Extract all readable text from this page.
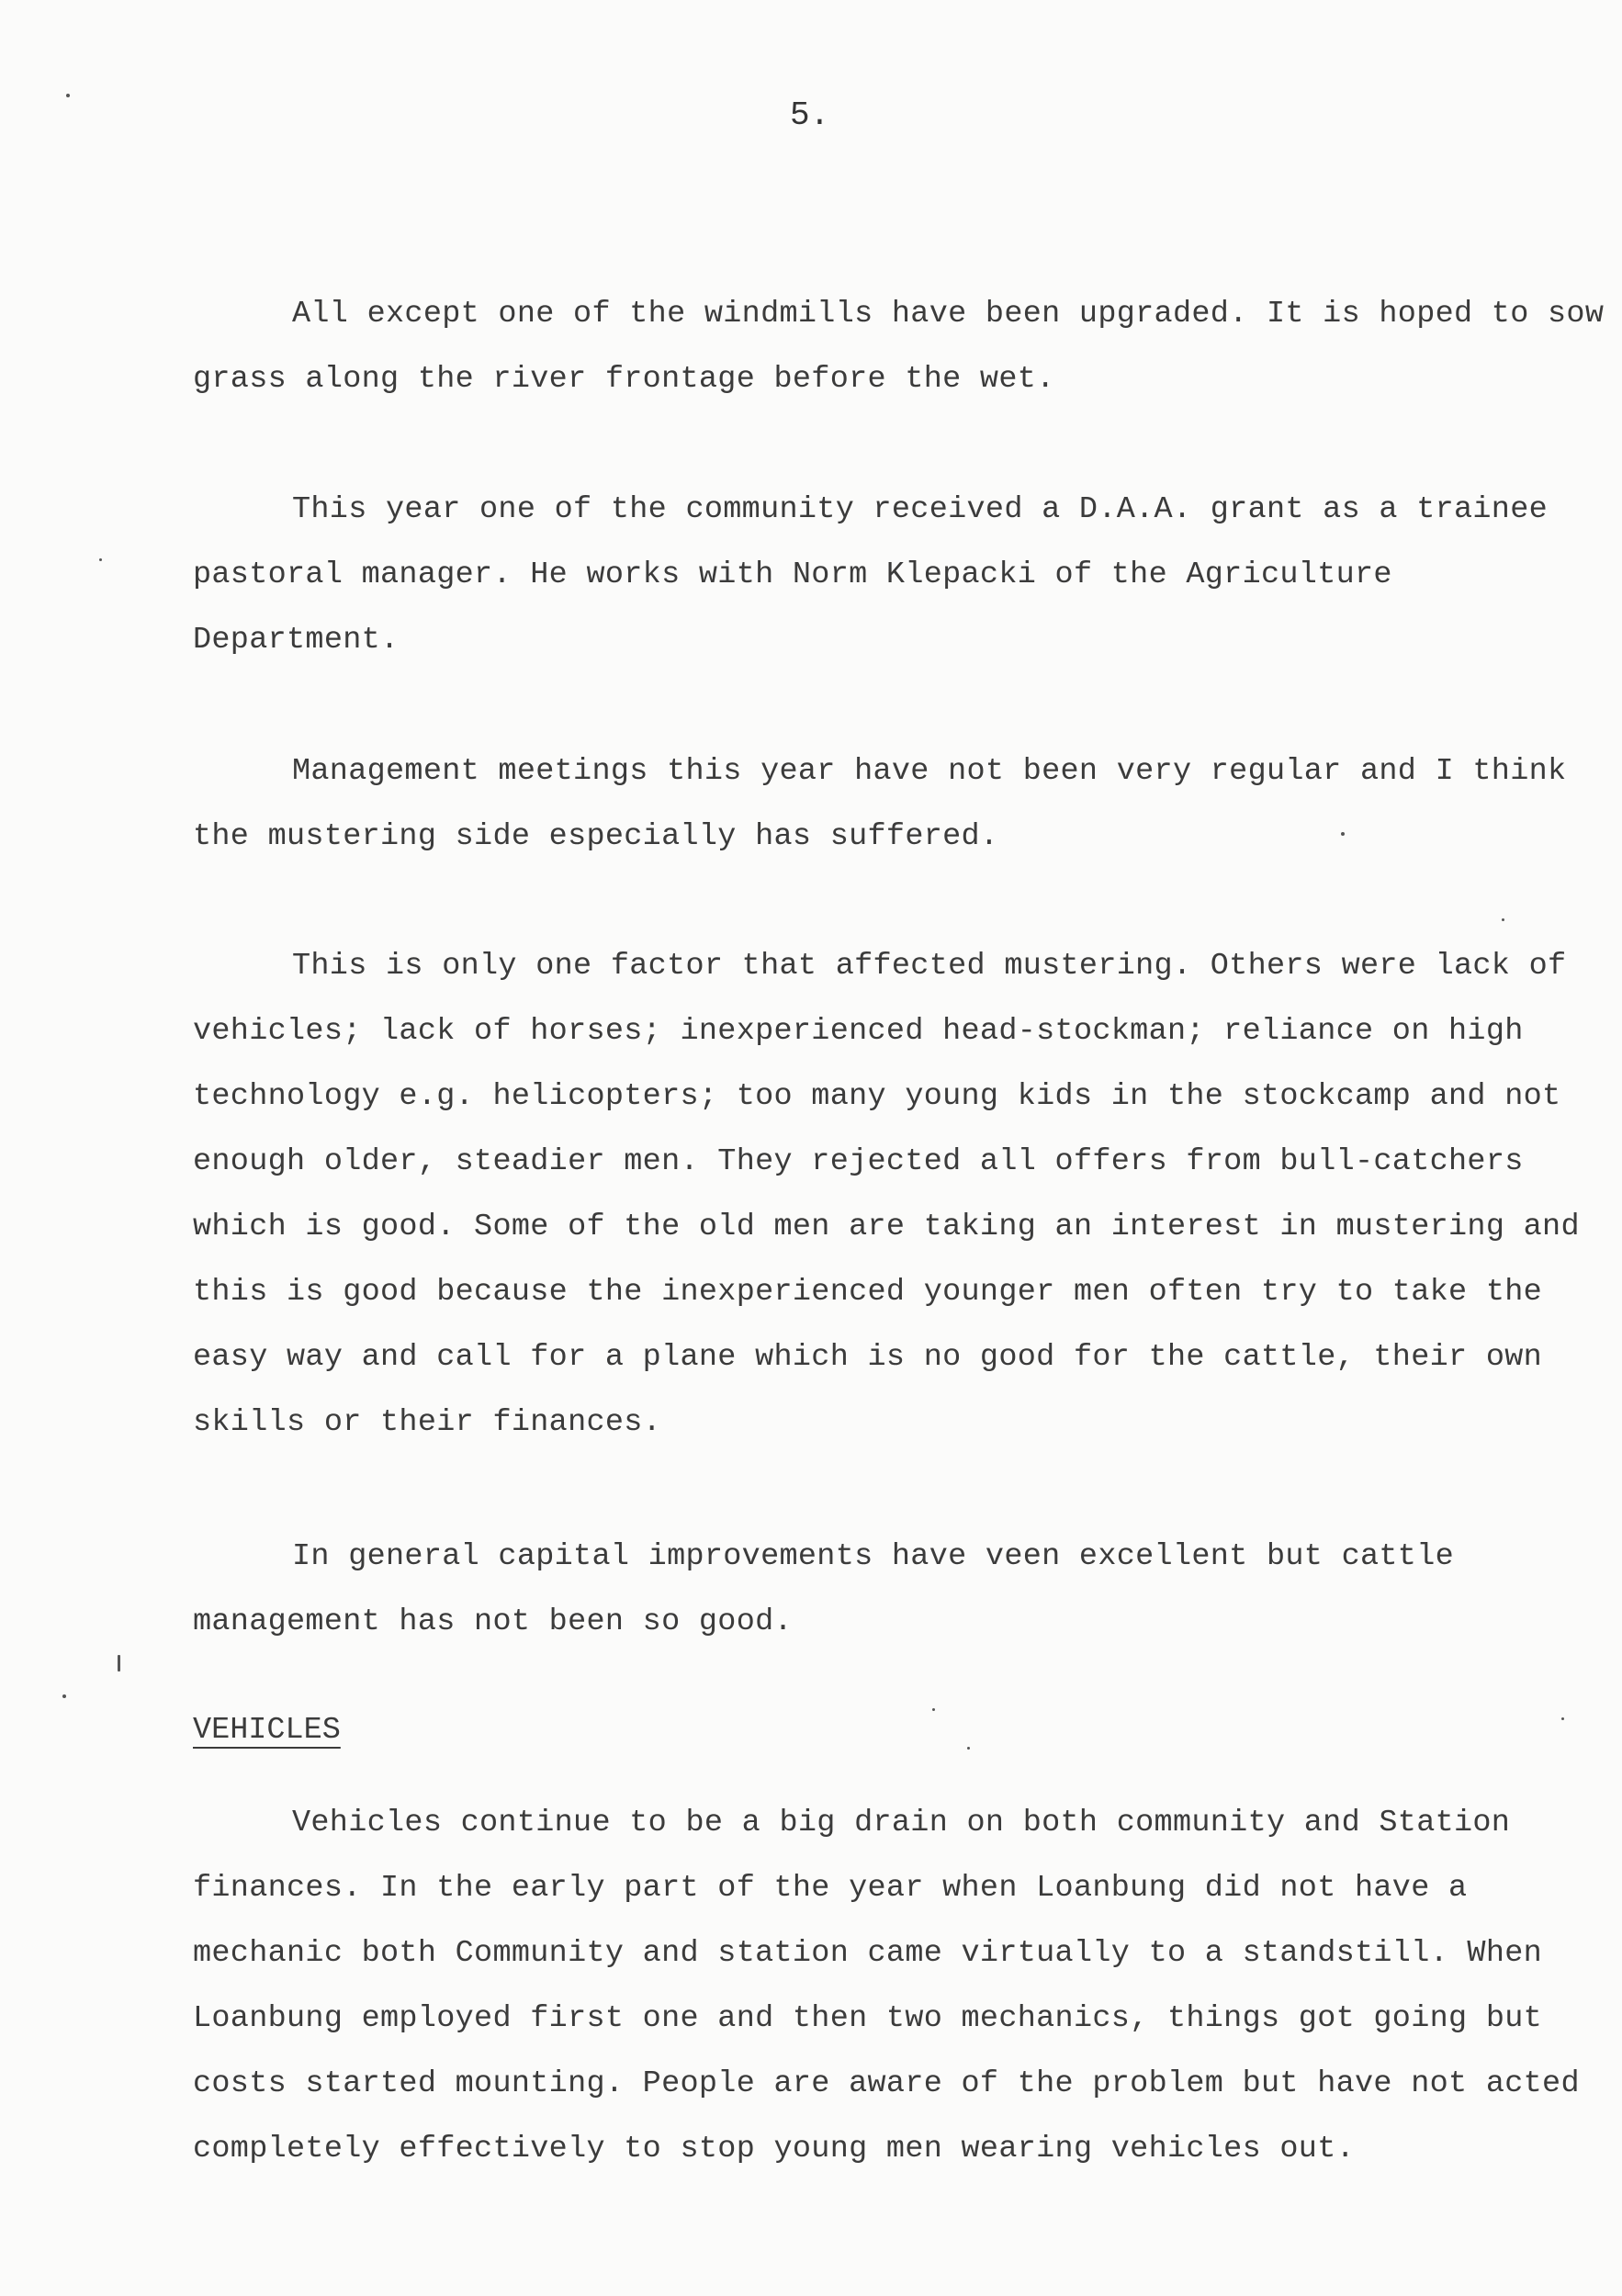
5.

All except one of the windmills have been upgraded. It is hoped to sow grass along the river frontage before the wet.

This year one of the community received a D.A.A. grant as a trainee pastoral manager. He works with Norm Klepacki of the Agriculture Department.

Management meetings this year have not been very regular and I think the mustering side especially has suffered.

This is only one factor that affected mustering. Others were lack of vehicles; lack of horses; inexperienced head-stockman; reliance on high technology e.g. helicopters; too many young kids in the stockcamp and not enough older, steadier men. They rejected all offers from bull-catchers which is good. Some of the old men are taking an interest in mustering and this is good because the inexperienced younger men often try to take the easy way and call for a plane which is no good for the cattle, their own skills or their finances.

In general capital improvements have veen excellent but cattle management has not been so good.

VEHICLES

Vehicles continue to be a big drain on both community and Station finances. In the early part of the year when Loanbung did not have a mechanic both Community and station came virtually to a standstill. When Loanbung employed first one and then two mechanics, things got going but costs started mounting. People are aware of the problem but have not acted completely effectively to stop young men wearing vehicles out.
